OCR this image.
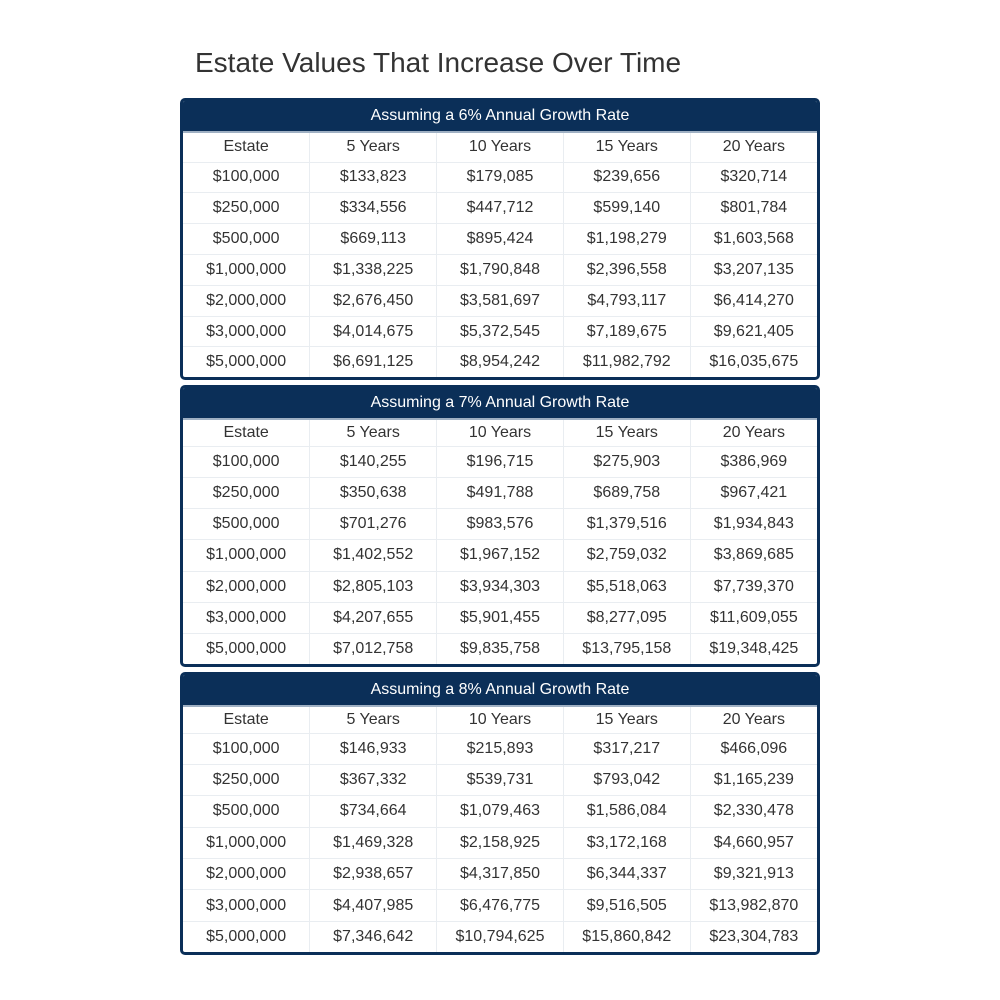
Estate Values That Increase Over Time
Assuming a 6% Annual Growth Rate				
Estate	5 Years	10 Years	15 Years	20 Years
$100,000	$133,823	$179,085	$239,656	$320,714
$250,000	$334,556	$447,712	$599,140	$801,784
$500,000	$669,113	$895,424	$1,198,279	$1,603,568
$1,000,000	$1,338,225	$1,790,848	$2,396,558	$3,207,135
$2,000,000	$2,676,450	$3,581,697	$4,793,117	$6,414,270
$3,000,000	$4,014,675	$5,372,545	$7,189,675	$9,621,405
$5,000,000	$6,691,125	$8,954,242	$11,982,792	$16,035,675
Assuming a 7% Annual Growth Rate				
Estate	5 Years	10 Years	15 Years	20 Years
$100,000	$140,255	$196,715	$275,903	$386,969
$250,000	$350,638	$491,788	$689,758	$967,421
$500,000	$701,276	$983,576	$1,379,516	$1,934,843
$1,000,000	$1,402,552	$1,967,152	$2,759,032	$3,869,685
$2,000,000	$2,805,103	$3,934,303	$5,518,063	$7,739,370
$3,000,000	$4,207,655	$5,901,455	$8,277,095	$11,609,055
$5,000,000	$7,012,758	$9,835,758	$13,795,158	$19,348,425
Assuming a 8% Annual Growth Rate				
Estate	5 Years	10 Years	15 Years	20 Years
$100,000	$146,933	$215,893	$317,217	$466,096
$250,000	$367,332	$539,731	$793,042	$1,165,239
$500,000	$734,664	$1,079,463	$1,586,084	$2,330,478
$1,000,000	$1,469,328	$2,158,925	$3,172,168	$4,660,957
$2,000,000	$2,938,657	$4,317,850	$6,344,337	$9,321,913
$3,000,000	$4,407,985	$6,476,775	$9,516,505	$13,982,870
$5,000,000	$7,346,642	$10,794,625	$15,860,842	$23,304,783
